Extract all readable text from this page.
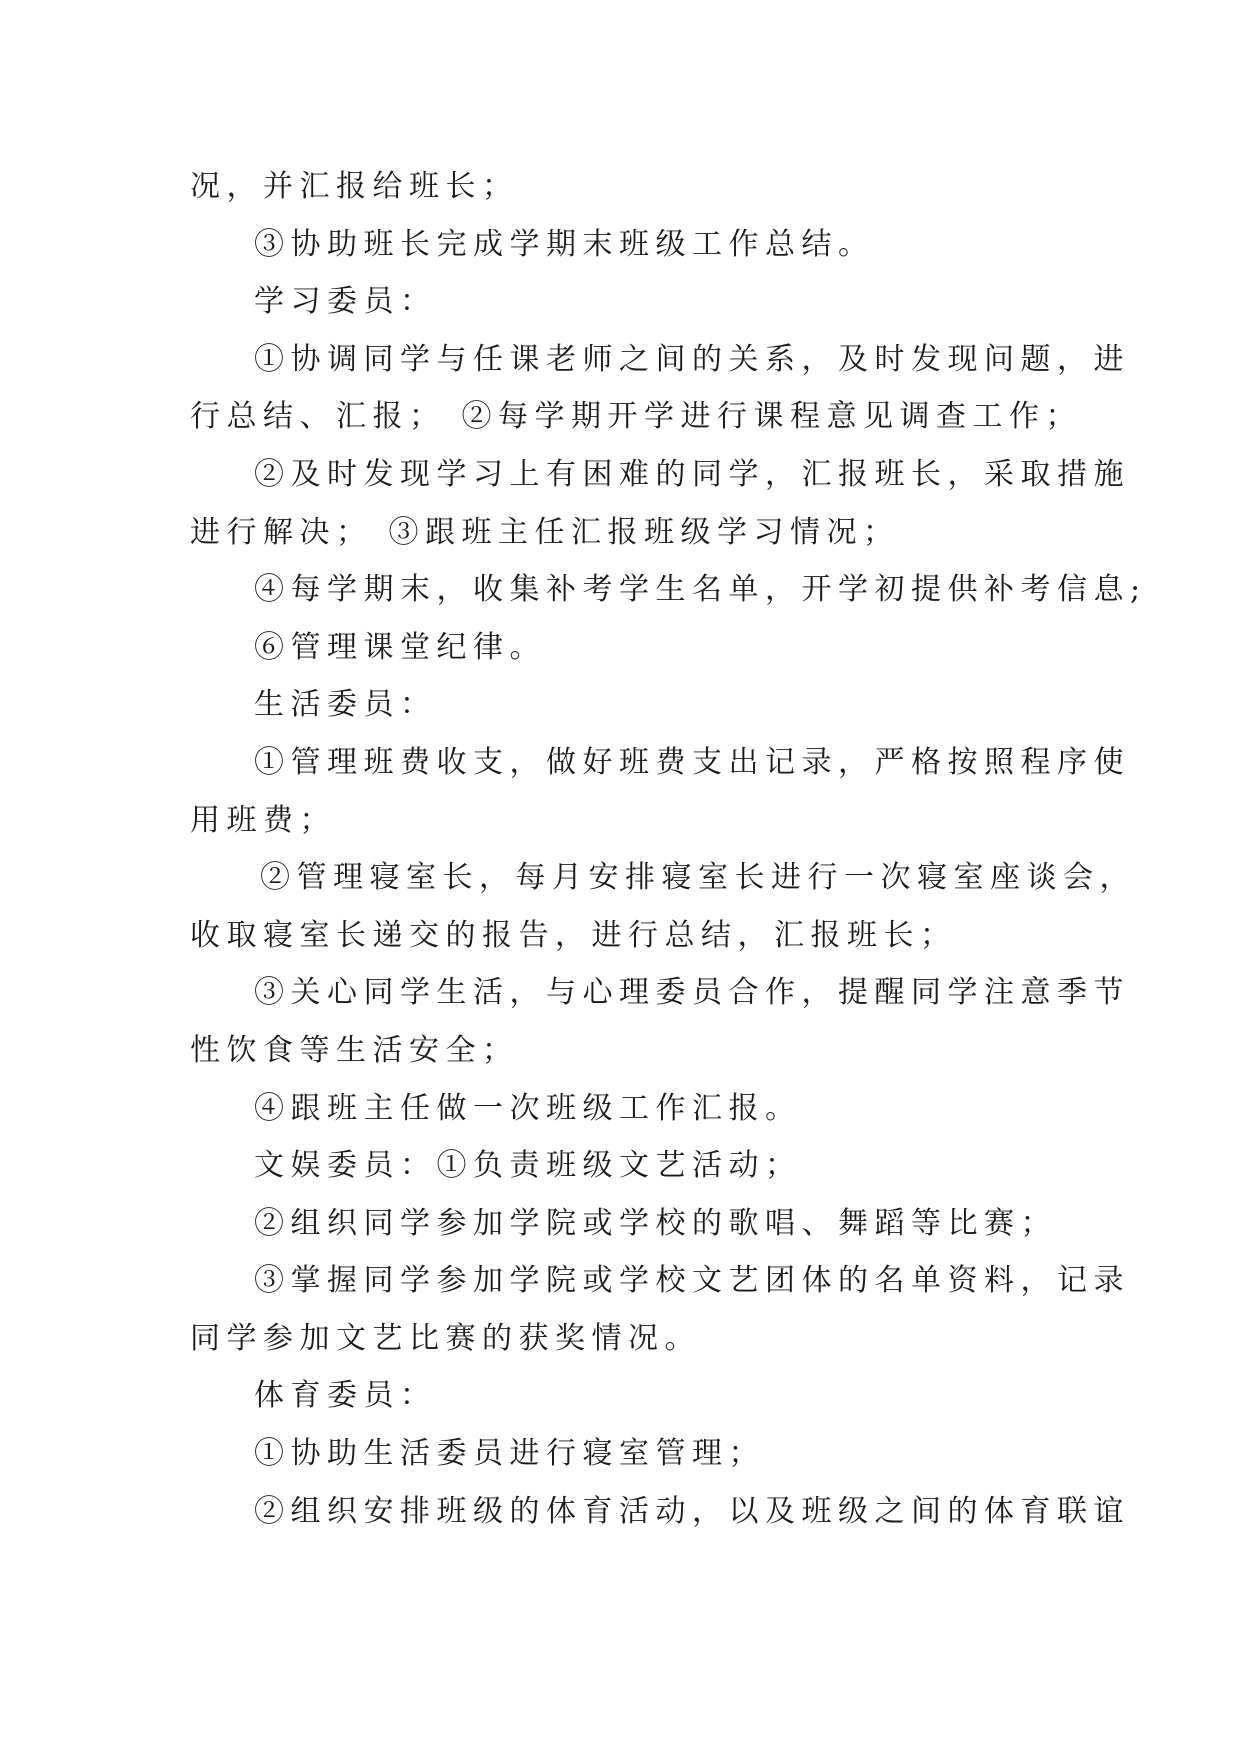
况，并汇报给班长；
③协助班长完成学期末班级工作总结。
学习委员：
①协调同学与任课老师之间的关系，及时发现问题，进
行总结、汇报； ②每学期开学进行课程意见调查工作；
②及时发现学习上有困难的同学，汇报班长，采取措施
进行解决； ③跟班主任汇报班级学习情况；
④每学期末，收集补考学生名单，开学初提供补考信息;
⑥管理课堂纪律。
生活委员：
①管理班费收支，做好班费支出记录，严格按照程序使
用班费；
②管理寝室长，每月安排寝室长进行一次寝室座谈会，
收取寝室长递交的报告，进行总结，汇报班长；
③关心同学生活，与心理委员合作，提醒同学注意季节
性饮食等生活安全；
④跟班主任做一次班级工作汇报。
文娱委员：①负责班级文艺活动；
②组织同学参加学院或学校的歌唱、舞蹈等比赛；
③掌握同学参加学院或学校文艺团体的名单资料，记录
同学参加文艺比赛的获奖情况。
体育委员：
①协助生活委员进行寝室管理；
②组织安排班级的体育活动，以及班级之间的体育联谊
